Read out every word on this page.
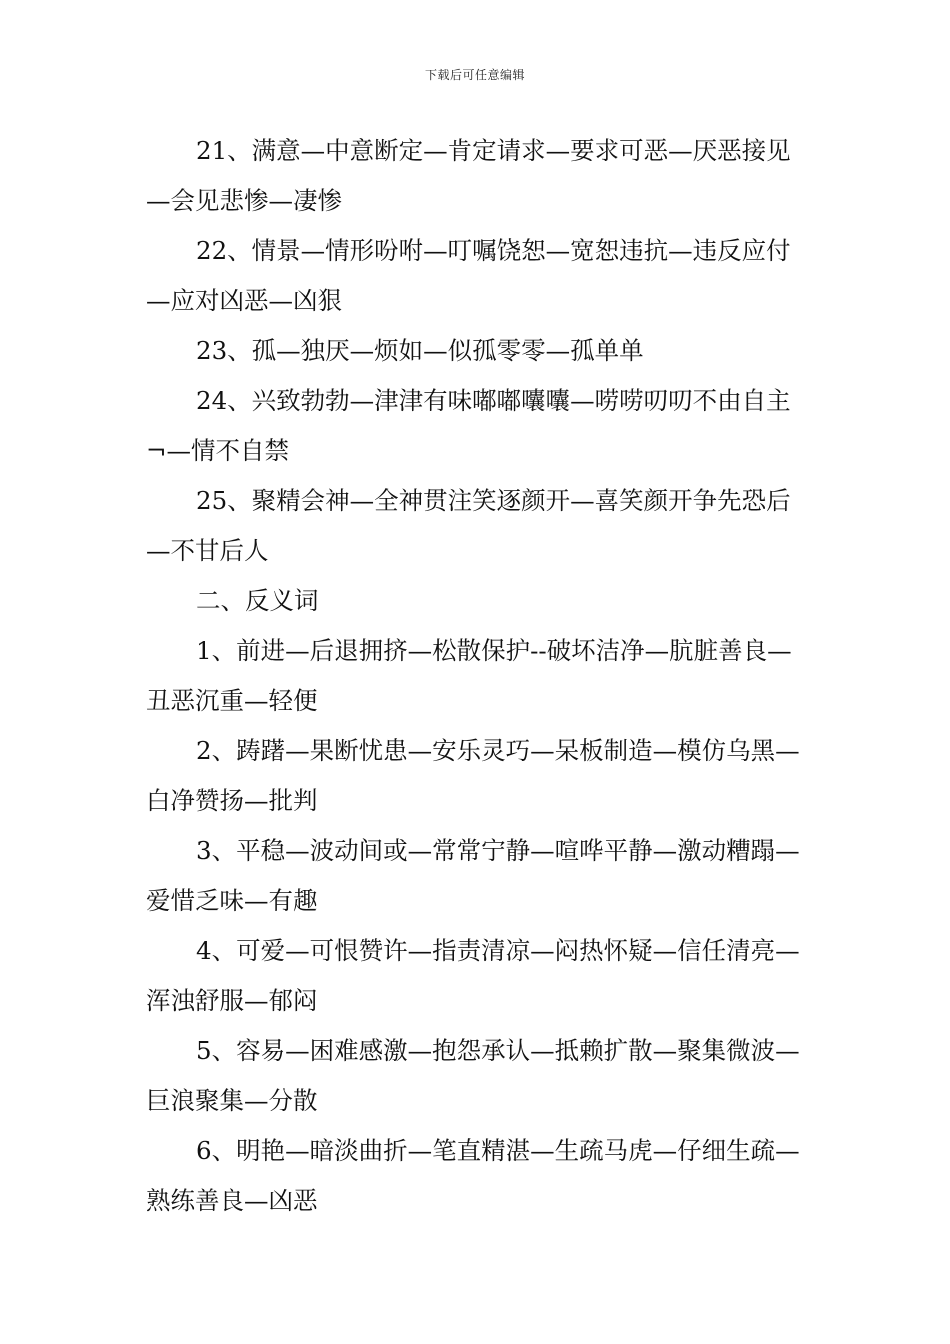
下载后可任意编辑

21、满意—中意断定—肯定请求—要求可恶—厌恶接见—会见悲惨—凄惨

22、情景—情形吩咐—叮嘱饶恕—宽恕违抗—违反应付—应对凶恶—凶狠

23、孤—独厌—烦如—似孤零零—孤单单

24、兴致勃勃—津津有味嘟嘟囔囔—唠唠叨叨不由自主¬—情不自禁

25、聚精会神—全神贯注笑逐颜开—喜笑颜开争先恐后—不甘后人

二、反义词

1、前进—后退拥挤—松散保护--破坏洁净—肮脏善良—丑恶沉重—轻便

2、踌躇—果断忧患—安乐灵巧—呆板制造—模仿乌黑—白净赞扬—批判

3、平稳—波动间或—常常宁静—喧哗平静—激动糟蹋—爱惜乏味—有趣

4、可爱—可恨赞许—指责清凉—闷热怀疑—信任清亮—浑浊舒服—郁闷

5、容易—困难感激—抱怨承认—抵赖扩散—聚集微波—巨浪聚集—分散

6、明艳—暗淡曲折—笔直精湛—生疏马虎—仔细生疏—熟练善良—凶恶
